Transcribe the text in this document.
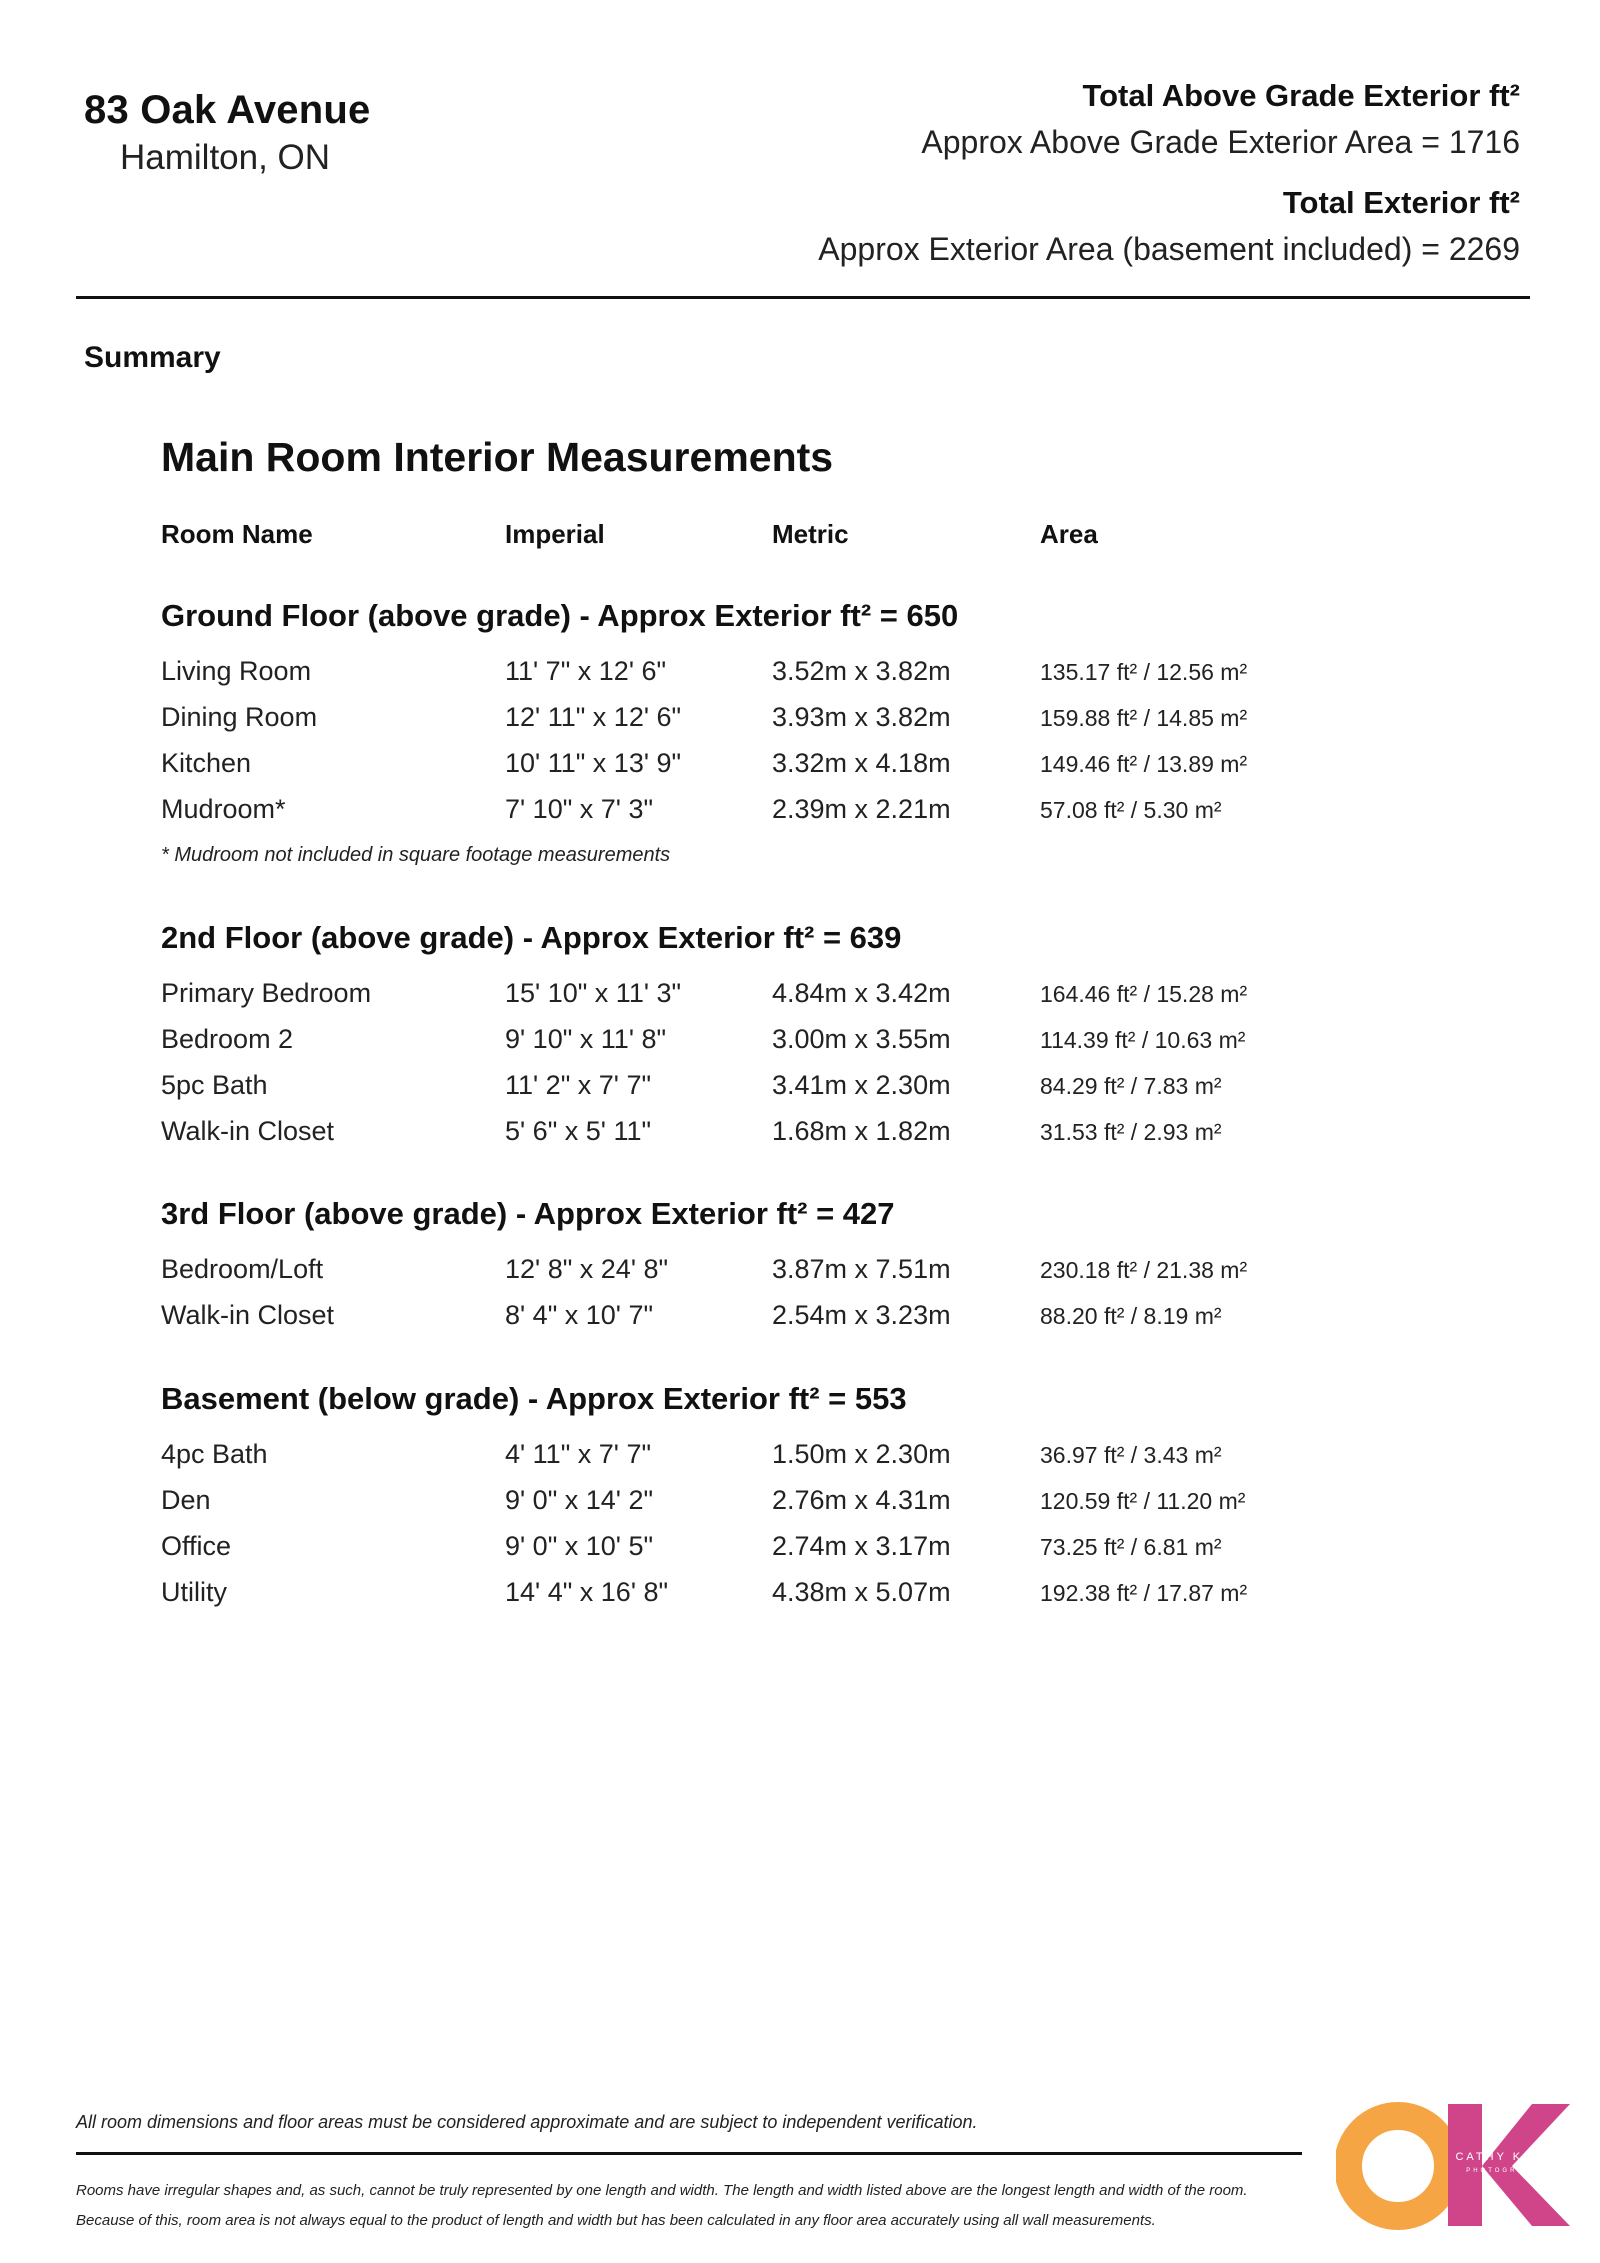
83 Oak Avenue
Hamilton, ON
Total Above Grade Exterior ft²
Approx Above Grade Exterior Area = 1716
Total Exterior ft²
Approx Exterior Area (basement included) = 2269
Summary
Main Room Interior Measurements
Room Name	Imperial	Metric	Area
Ground Floor (above grade) - Approx Exterior ft² = 650
Living Room	11' 7" x 12' 6"	3.52m x 3.82m	135.17 ft² / 12.56 m²
Dining Room	12' 11" x 12' 6"	3.93m x 3.82m	159.88 ft² / 14.85 m²
Kitchen	10' 11" x 13' 9"	3.32m x 4.18m	149.46 ft² / 13.89 m²
Mudroom*	7' 10" x 7' 3"	2.39m x 2.21m	57.08 ft² / 5.30 m²
* Mudroom not included in square footage measurements
2nd Floor (above grade) - Approx Exterior ft² = 639
Primary Bedroom	15' 10" x 11' 3"	4.84m x 3.42m	164.46 ft² / 15.28 m²
Bedroom 2	9' 10" x 11' 8"	3.00m x 3.55m	114.39 ft² / 10.63 m²
5pc Bath	11' 2" x 7' 7"	3.41m x 2.30m	84.29 ft² / 7.83 m²
Walk-in Closet	5' 6" x 5' 11"	1.68m x 1.82m	31.53 ft² / 2.93 m²
3rd Floor (above grade) - Approx Exterior ft² = 427
Bedroom/Loft	12' 8" x 24' 8"	3.87m x 7.51m	230.18 ft² / 21.38 m²
Walk-in Closet	8' 4" x 10' 7"	2.54m x 3.23m	88.20 ft² / 8.19 m²
Basement (below grade) - Approx Exterior ft² = 553
4pc Bath	4' 11" x 7' 7"	1.50m x 2.30m	36.97 ft² / 3.43 m²
Den	9' 0" x 14' 2"	2.76m x 4.31m	120.59 ft² / 11.20 m²
Office	9' 0" x 10' 5"	2.74m x 3.17m	73.25 ft² / 6.81 m²
Utility	14' 4" x 16' 8"	4.38m x 5.07m	192.38 ft² / 17.87 m²
All room dimensions and floor areas must be considered approximate and are subject to independent verification.
Rooms have irregular shapes and, as such, cannot be truly represented by one length and width. The length and width listed above are the longest length and width of the room.
Because of this, room area is not always equal to the product of length and width but has been calculated in any floor area accurately using all wall measurements.
CATHY KOOP
PHOTOGRAPHY
